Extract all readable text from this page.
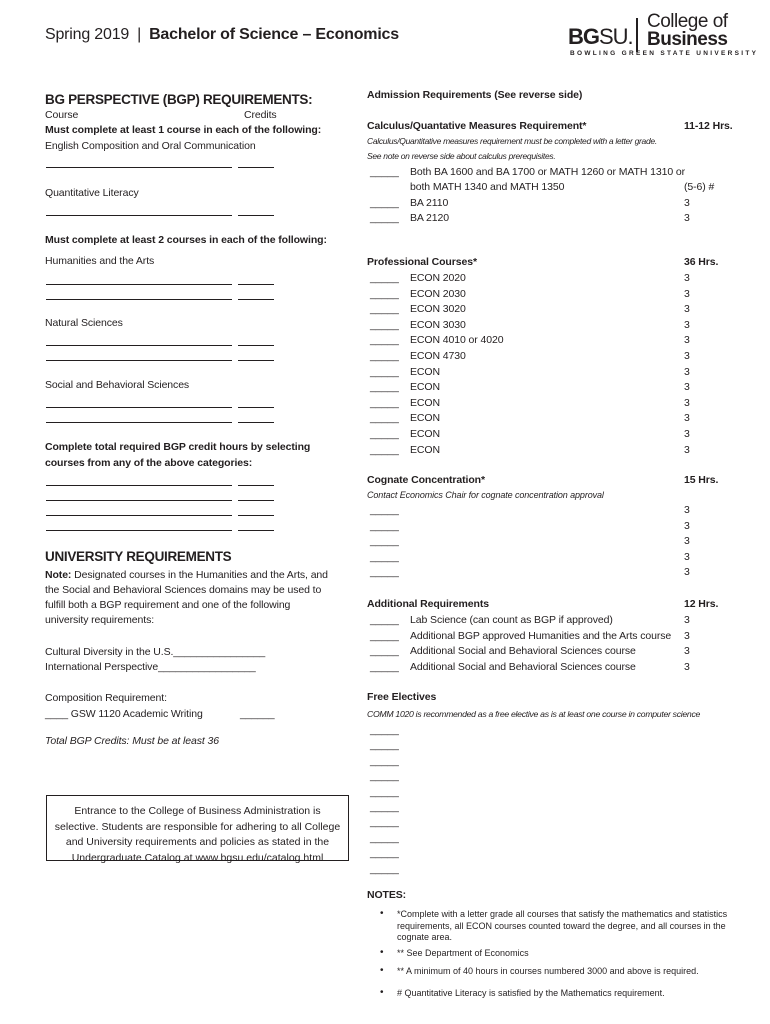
Spring 2019 | Bachelor of Science – Economics	BGSU.
College of
Business
BOWLING GREEN STATE UNIVERSITY
BG PERSPECTIVE (BGP) REQUIREMENTS:
Course	Credits
Must complete at least 1 course in each of the following:
English Composition and Oral Communication
Quantitative Literacy
Must complete at least 2 courses in each of the following:
Humanities and the Arts
Natural Sciences
Social and Behavioral Sciences
Complete total required BGP credit hours by selecting
courses from any of the above categories:
UNIVERSITY REQUIREMENTS
Note: Designated courses in the Humanities and the Arts, and
the Social and Behavioral Sciences domains may be used to
fulfill both a BGP requirement and one of the following
university requirements:
Cultural Diversity in the U.S.________________
International Perspective_________________
Composition Requirement:
____ GSW 1120 Academic Writing	______
Total BGP Credits: Must be at least 36
Entrance to the College of Business Administration is
selective. Students are responsible for adhering to all College
and University requirements and policies as stated in the
Undergraduate Catalog at www.bgsu.edu/catalog.html
Admission Requirements (See reverse side)
Calculus/Quantative Measures Requirement*	11-12 Hrs.
Calculus/Quantitative measures requirement must be completed with a letter grade.
See note on reverse side about calculus prerequisites.
Professional Courses*	36 Hrs.
Cognate Concentration*	15 Hrs.
Contact Economics Chair for cognate concentration approval
Additional Requirements	12 Hrs.
Free Electives
COMM 1020 is recommended as a free elective as is at least one course in computer science
NOTES:
_____ Both BA 1600 and BA 1700 or MATH 1260 or MATH 1310 or
both MATH 1340 and MATH 1350	(5-6) #
_____ BA 2110	3
_____ BA 2120	3
_____ ECON 2020	3
_____ ECON 2030	3
_____ ECON 3020	3
_____ ECON 3030	3
_____ ECON 4010 or 4020	3
_____ ECON 4730	3
_____ ECON	3
_____ ECON	3
_____ ECON	3
_____ ECON	3
_____ ECON	3
_____ ECON	3
_____	3
_____	3
_____	3
_____	3
_____	3
_____ Lab Science (can count as BGP if approved)	3
_____ Additional BGP approved Humanities and the Arts course 3
_____ Additional Social and Behavioral Sciences course	3
_____ Additional Social and Behavioral Sciences course	3
_____
_____
_____
_____
_____
_____
_____
_____
_____
_____
• *Complete with a letter grade all courses that satisfy the mathematics and statistics
requirements, all ECON courses counted toward the degree, and all courses in the
cognate area.
• ** See Department of Economics
• ** A minimum of 40 hours in courses numbered 3000 and above is required.
• # Quantitative Literacy is satisfied by the Mathematics requirement.
